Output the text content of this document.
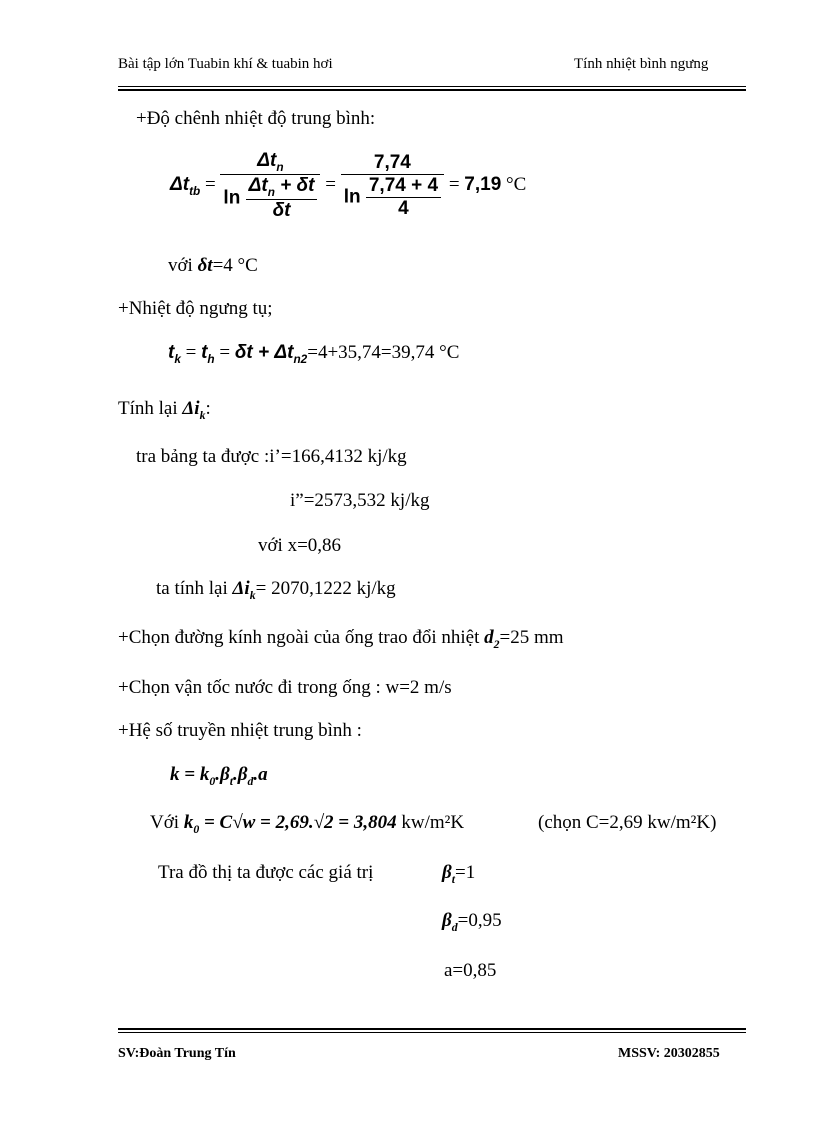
Bài tập lớn Tuabin khí & tuabin hơi	Tính nhiệt bình ngưng
+Độ chênh nhiệt độ trung bình:
$\Delta t_{tb} = \frac{\Delta t_n}{\ln \frac{\Delta t_n + \delta t}{\delta t}} = \frac{7,74}{\ln \frac{7,74 + 4}{4}} = 7,19$ °C
với δt=4 °C
+Nhiệt độ ngưng tụ;
$t_k = t_h = \delta t + \Delta t_{n2}=4+35,74=39,74$ °C
Tính lại $\Delta i_k$:
tra bảng ta được :i’=166,4132 kj/kg
i”=2573,532 kj/kg
với x=0,86
ta tính lại $\Delta i_k= 2070,1222$ kj/kg
+Chọn đường kính ngoài của ống trao đổi nhiệt $d_2=25$ mm
+Chọn vận tốc nước đi trong ống : w=2 m/s
+Hệ số truyền nhiệt trung bình :
$k = k_0.\beta_t.\beta_d.a$
Với $k_0 = C√w = 2,69.√2 = 3,804$ kw/m²K	(chọn C=2,69 kw/m²K)
Tra đồ thị ta được các giá trị	$\beta_t=1$
$\beta_d=0,95$
a=0,85
SV:Đoàn Trung Tín	MSSV: 20302855
